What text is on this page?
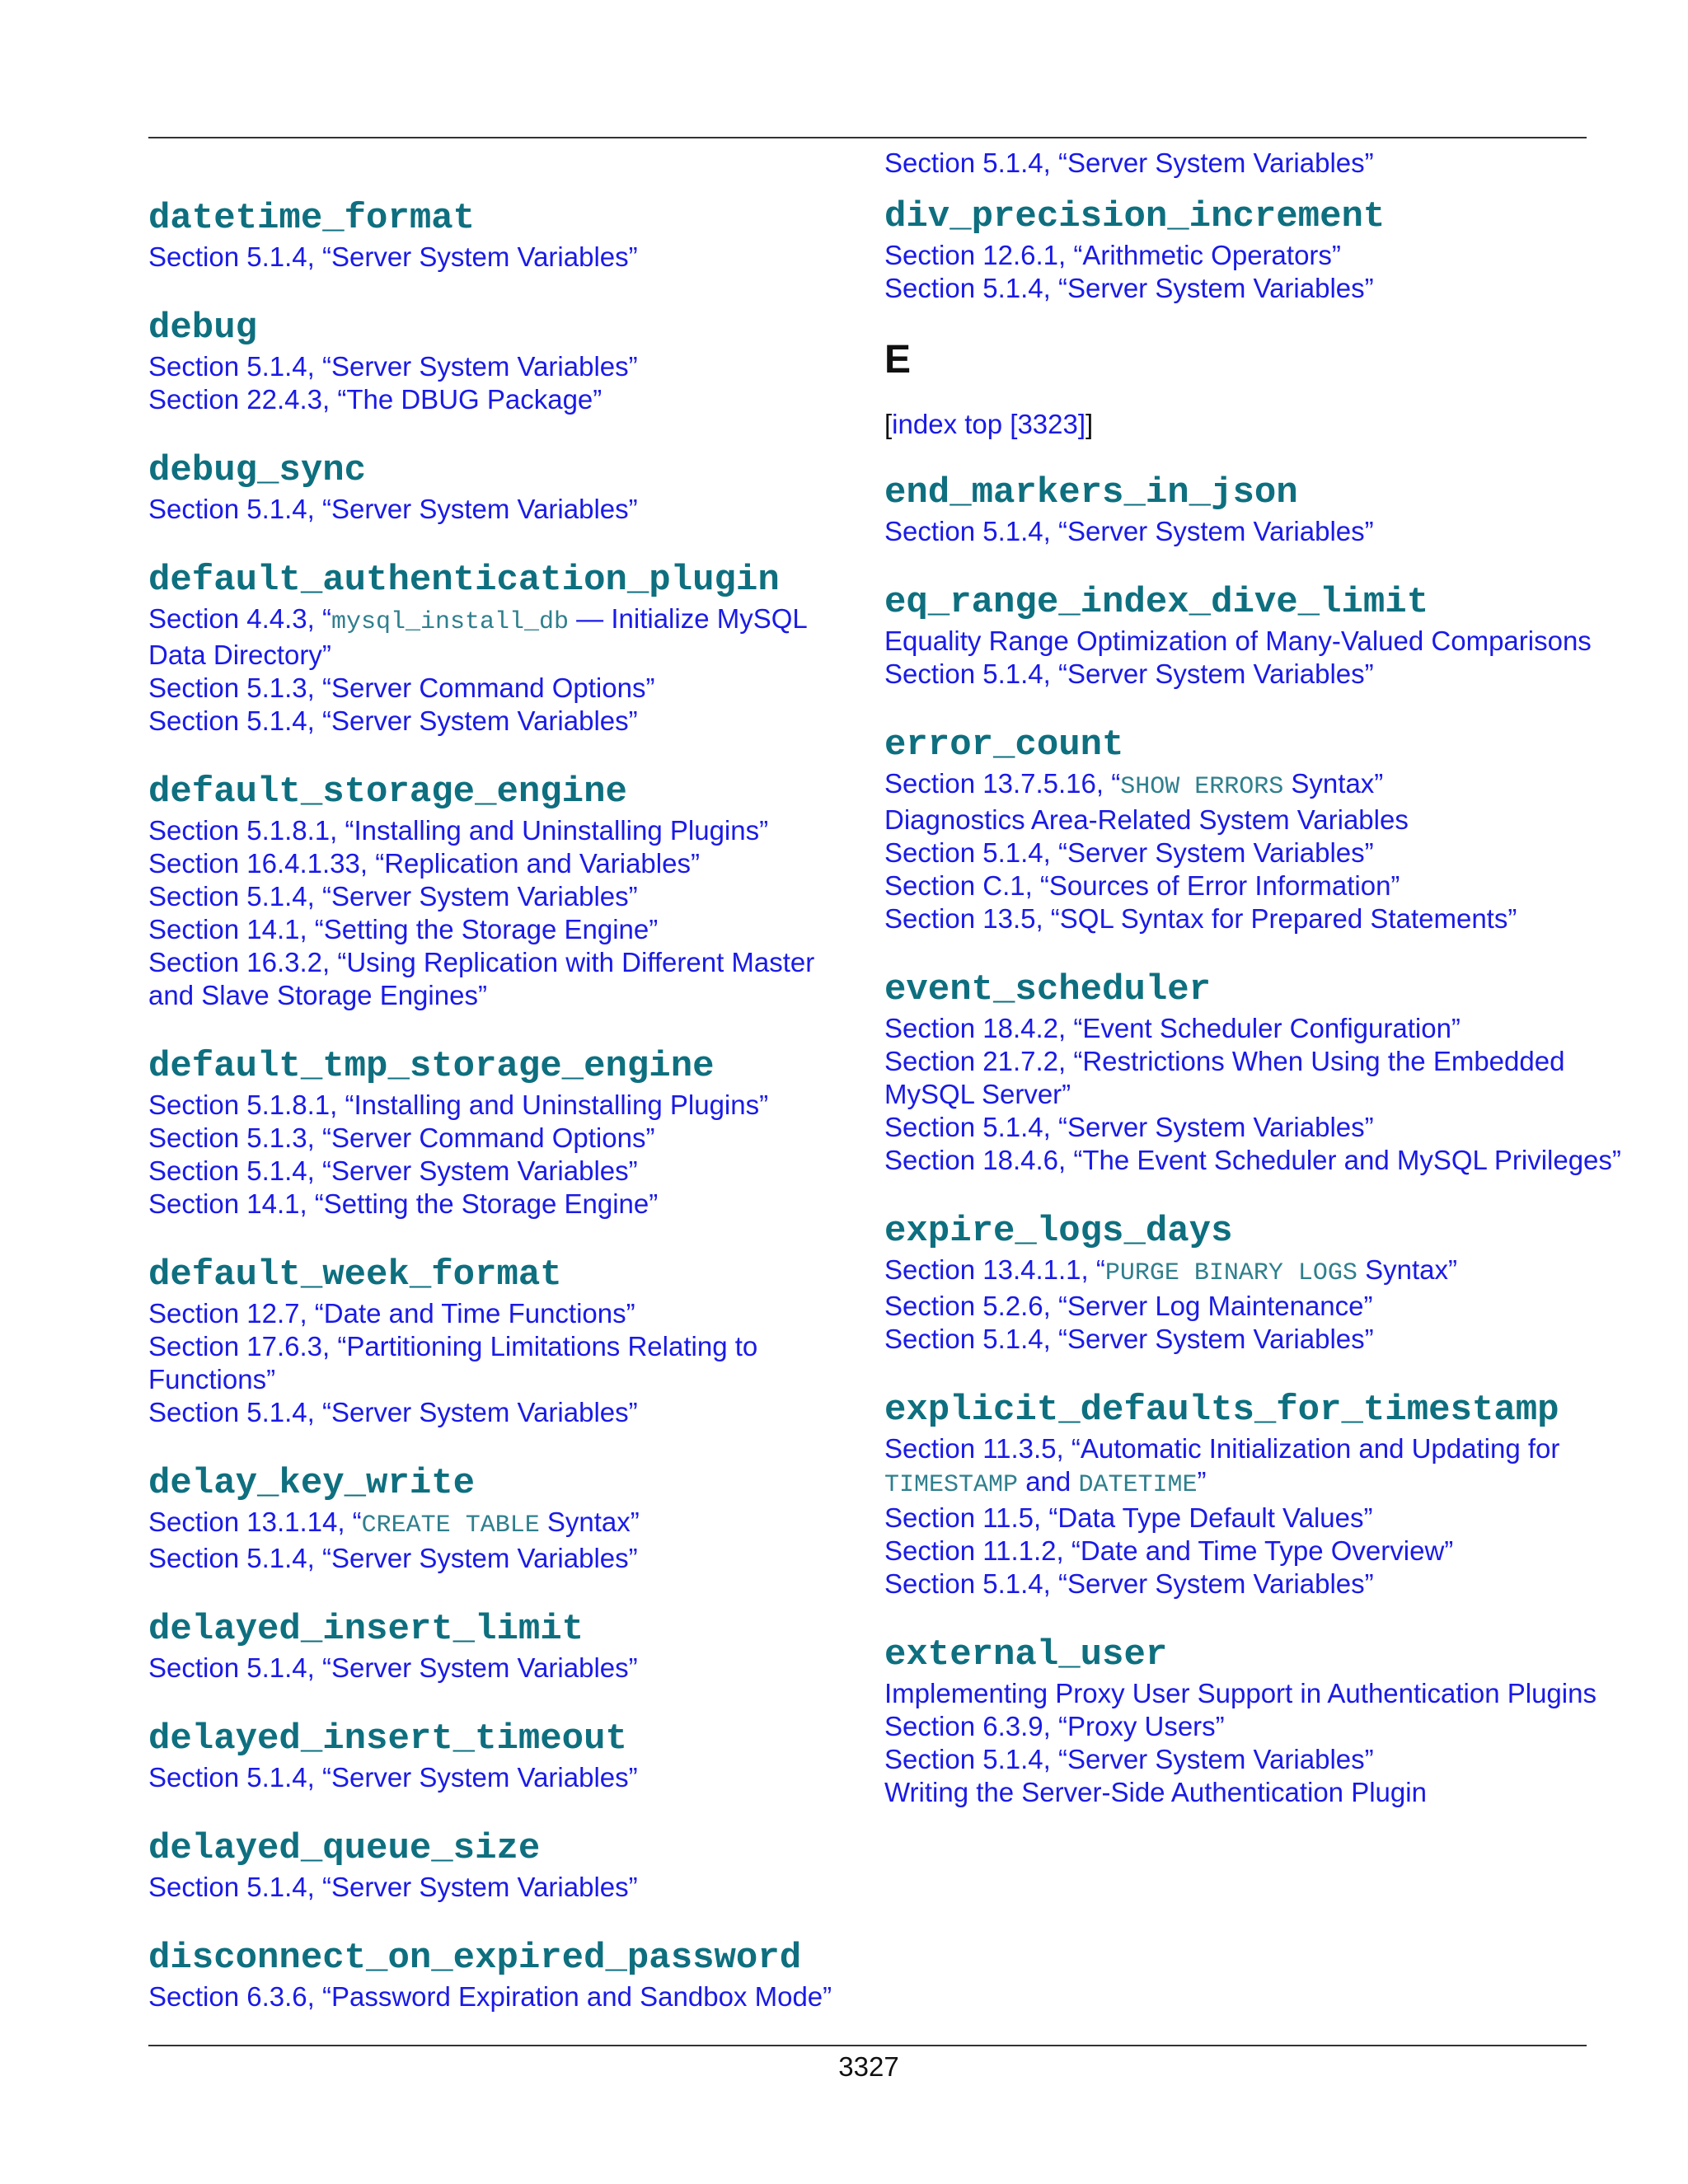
datetime_format
Section 5.1.4, “Server System Variables”
debug
Section 5.1.4, “Server System Variables”
Section 22.4.3, “The DBUG Package”
debug_sync
Section 5.1.4, “Server System Variables”
default_authentication_plugin
Section 4.4.3, “mysql_install_db — Initialize MySQL Data Directory”
Section 5.1.3, “Server Command Options”
Section 5.1.4, “Server System Variables”
default_storage_engine
Section 5.1.8.1, “Installing and Uninstalling Plugins”
Section 16.4.1.33, “Replication and Variables”
Section 5.1.4, “Server System Variables”
Section 14.1, “Setting the Storage Engine”
Section 16.3.2, “Using Replication with Different Master and Slave Storage Engines”
default_tmp_storage_engine
Section 5.1.8.1, “Installing and Uninstalling Plugins”
Section 5.1.3, “Server Command Options”
Section 5.1.4, “Server System Variables”
Section 14.1, “Setting the Storage Engine”
default_week_format
Section 12.7, “Date and Time Functions”
Section 17.6.3, “Partitioning Limitations Relating to Functions”
Section 5.1.4, “Server System Variables”
delay_key_write
Section 13.1.14, “CREATE TABLE Syntax”
Section 5.1.4, “Server System Variables”
delayed_insert_limit
Section 5.1.4, “Server System Variables”
delayed_insert_timeout
Section 5.1.4, “Server System Variables”
delayed_queue_size
Section 5.1.4, “Server System Variables”
disconnect_on_expired_password
Section 6.3.6, “Password Expiration and Sandbox Mode”
Section 5.1.4, “Server System Variables”
div_precision_increment
Section 12.6.1, “Arithmetic Operators”
Section 5.1.4, “Server System Variables”
E
[index top [3323]]
end_markers_in_json
Section 5.1.4, “Server System Variables”
eq_range_index_dive_limit
Equality Range Optimization of Many-Valued Comparisons
Section 5.1.4, “Server System Variables”
error_count
Section 13.7.5.16, “SHOW ERRORS Syntax”
Diagnostics Area-Related System Variables
Section 5.1.4, “Server System Variables”
Section C.1, “Sources of Error Information”
Section 13.5, “SQL Syntax for Prepared Statements”
event_scheduler
Section 18.4.2, “Event Scheduler Configuration”
Section 21.7.2, “Restrictions When Using the Embedded MySQL Server”
Section 5.1.4, “Server System Variables”
Section 18.4.6, “The Event Scheduler and MySQL Privileges”
expire_logs_days
Section 13.4.1.1, “PURGE BINARY LOGS Syntax”
Section 5.2.6, “Server Log Maintenance”
Section 5.1.4, “Server System Variables”
explicit_defaults_for_timestamp
Section 11.3.5, “Automatic Initialization and Updating for TIMESTAMP and DATETIME”
Section 11.5, “Data Type Default Values”
Section 11.1.2, “Date and Time Type Overview”
Section 5.1.4, “Server System Variables”
external_user
Implementing Proxy User Support in Authentication Plugins
Section 6.3.9, “Proxy Users”
Section 5.1.4, “Server System Variables”
Writing the Server-Side Authentication Plugin
3327
